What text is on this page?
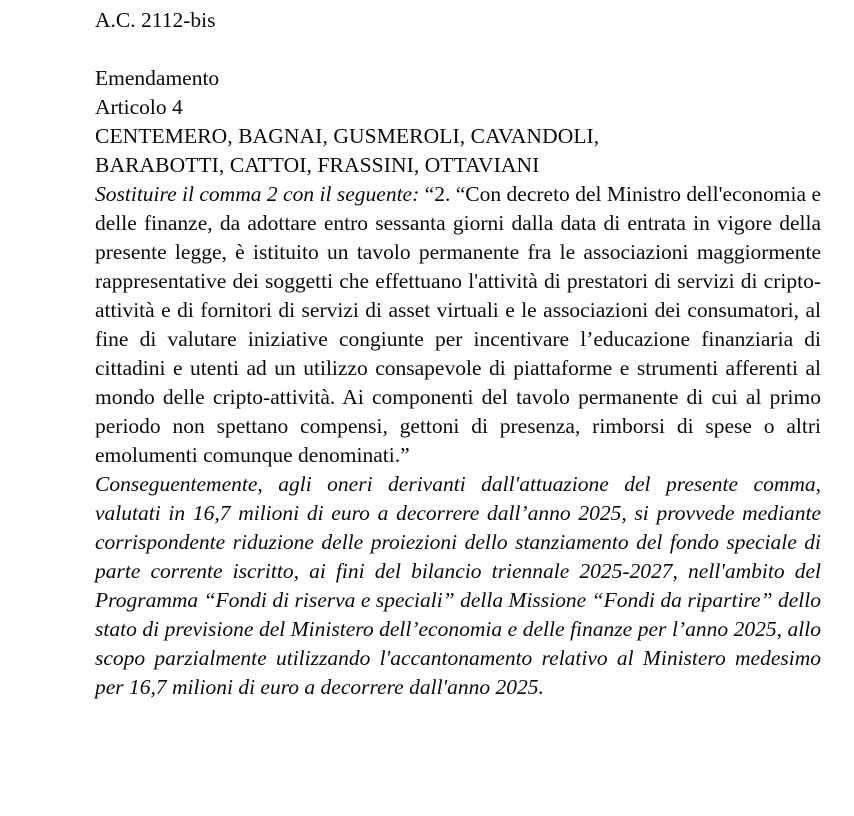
A.C. 2112-bis

Emendamento

Articolo 4

CENTEMERO, BAGNAI, GUSMEROLI, CAVANDOLI,

BARABOTTI, CATTOI, FRASSINI, OTTAVIANI

Sostituire il comma 2 con il seguente: “2. “Con decreto del Ministro dell'economia e delle finanze, da adottare entro sessanta giorni dalla data di entrata in vigore della presente legge, è istituito un tavolo permanente fra le associazioni maggiormente rappresentative dei soggetti che effettuano l'attività di prestatori di servizi di cripto-attività e di fornitori di servizi di asset virtuali e le associazioni dei consumatori, al fine di valutare iniziative congiunte per incentivare l’educazione finanziaria di cittadini e utenti ad un utilizzo consapevole di piattaforme e strumenti afferenti al mondo delle cripto-attività. Ai componenti del tavolo permanente di cui al primo periodo non spettano compensi, gettoni di presenza, rimborsi di spese o altri emolumenti comunque denominati.”

Conseguentemente, agli oneri derivanti dall'attuazione del presente comma, valutati in 16,7 milioni di euro a decorrere dall’anno 2025, si provvede mediante corrispondente riduzione delle proiezioni dello stanziamento del fondo speciale di parte corrente iscritto, ai fini del bilancio triennale 2025-2027, nell'ambito del Programma “Fondi di riserva e speciali” della Missione “Fondi da ripartire” dello stato di previsione del Ministero dell’economia e delle finanze per l’anno 2025, allo scopo parzialmente utilizzando l'accantonamento relativo al Ministero medesimo per 16,7 milioni di euro a decorrere dall'anno 2025.
